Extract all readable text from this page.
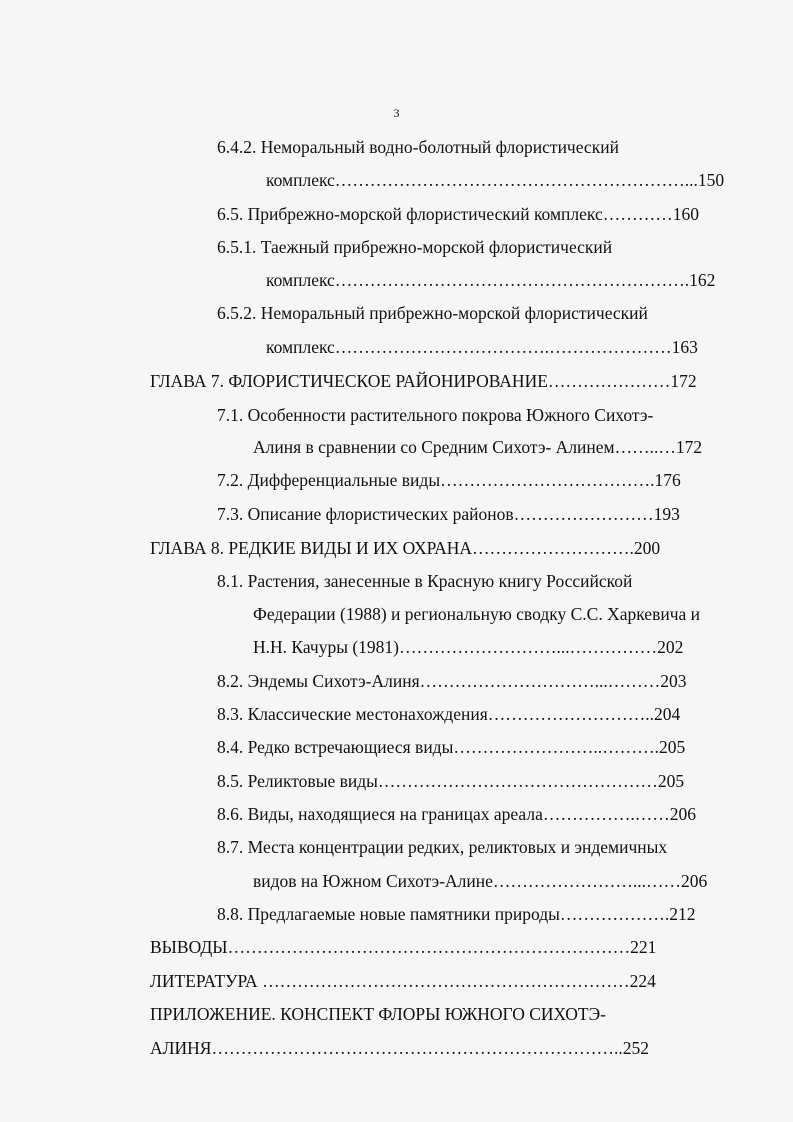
3
6.4.2. Неморальный водно-болотный флористический
комплекс……………………………………………………...150
6.5. Прибрежно-морской флористический комплекс…………160
6.5.1. Таежный прибрежно-морской флористический
комплекс…………………………………………………….162
6.5.2. Неморальный прибрежно-морской флористический
комплекс……………………………….…………………163
ГЛАВА 7. ФЛОРИСТИЧЕСКОЕ РАЙОНИРОВАНИЕ…………………172
7.1. Особенности растительного покрова Южного Сихотэ-
Алиня в сравнении со Средним Сихотэ- Алинем……..…172
7.2. Дифференциальные виды……………………………….176
7.3. Описание флористических районов……………………193
ГЛАВА 8. РЕДКИЕ ВИДЫ И ИХ ОХРАНА……………………….200
8.1. Растения, занесенные в Красную книгу Российской
Федерации (1988) и региональную сводку С.С. Харкевича и
Н.Н. Качуры (1981)………………………...……………202
8.2. Эндемы Сихотэ-Алиня…………………………...………203
8.3. Классические местонахождения………………………..204
8.4. Редко встречающиеся виды……………………..……….205
8.5. Реликтовые виды…………………………………………205
8.6. Виды, находящиеся на границах ареала…………….……206
8.7. Места концентрации редких, реликтовых и эндемичных
видов на Южном Сихотэ-Алине……………………...……206
8.8. Предлагаемые новые памятники природы……………….212
ВЫВОДЫ……………………………………………………………221
ЛИТЕРАТУРА ………………………………………………………224
ПРИЛОЖЕНИЕ. КОНСПЕКТ ФЛОРЫ ЮЖНОГО СИХОТЭ-
АЛИНЯ……………………………………………………………..252
